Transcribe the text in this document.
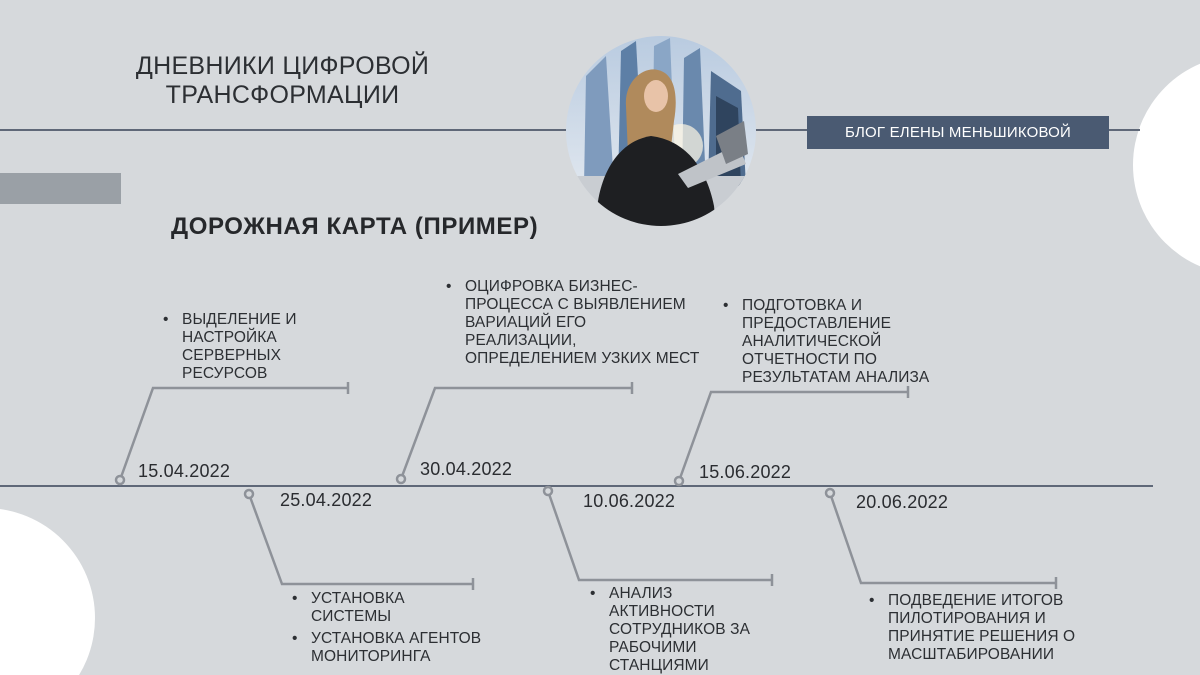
ДНЕВНИКИ ЦИФРОВОЙ
ТРАНСФОРМАЦИИ
БЛОГ ЕЛЕНЫ МЕНЬШИКОВОЙ
ДОРОЖНАЯ КАРТА (ПРИМЕР)
15.04.2022
25.04.2022
30.04.2022
10.06.2022
15.06.2022
20.06.2022
• ВЫДЕЛЕНИЕ И НАСТРОЙКА СЕРВЕРНЫХ РЕСУРСОВ
• УСТАНОВКА СИСТЕМЫ
• УСТАНОВКА АГЕНТОВ МОНИТОРИНГА
• ОЦИФРОВКА БИЗНЕС-ПРОЦЕССА С ВЫЯВЛЕНИЕМ ВАРИАЦИЙ ЕГО РЕАЛИЗАЦИИ, ОПРЕДЕЛЕНИЕМ УЗКИХ МЕСТ
• АНАЛИЗ АКТИВНОСТИ СОТРУДНИКОВ ЗА РАБОЧИМИ СТАНЦИЯМИ
• ПОДГОТОВКА И ПРЕДОСТАВЛЕНИЕ АНАЛИТИЧЕСКОЙ ОТЧЕТНОСТИ ПО РЕЗУЛЬТАТАМ АНАЛИЗА
• ПОДВЕДЕНИЕ ИТОГОВ ПИЛОТИРОВАНИЯ И ПРИНЯТИЕ РЕШЕНИЯ О МАСШТАБИРОВАНИИ
